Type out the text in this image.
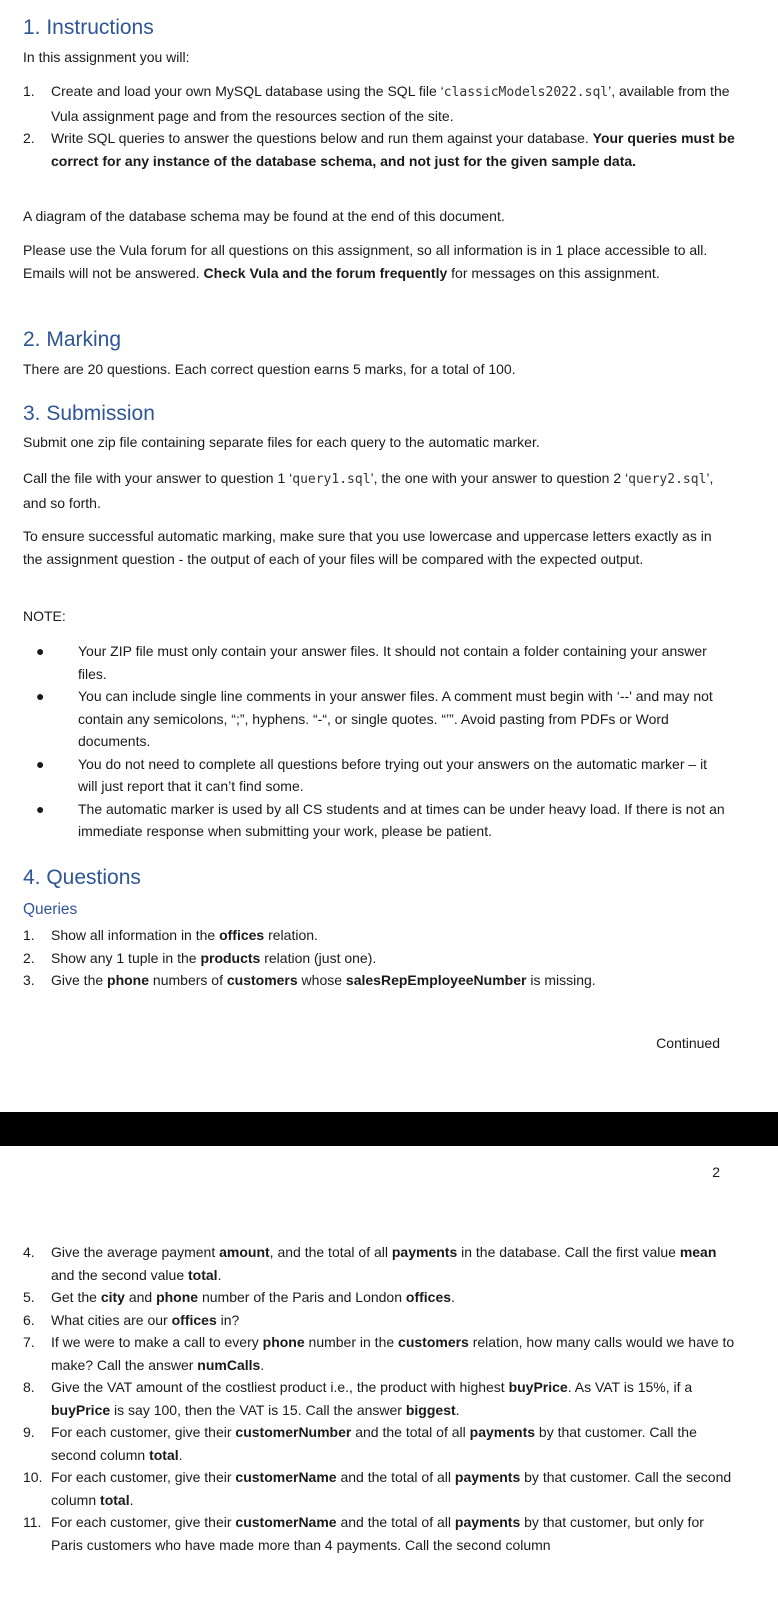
1. Instructions

In this assignment you will:

1. Create and load your own MySQL database using the SQL file ‘classicModels2022.sql’, available from the Vula assignment page and from the resources section of the site.
2. Write SQL queries to answer the questions below and run them against your database. Your queries must be correct for any instance of the database schema, and not just for the given sample data.

A diagram of the database schema may be found at the end of this document.

Please use the Vula forum for all questions on this assignment, so all information is in 1 place accessible to all. Emails will not be answered. Check Vula and the forum frequently for messages on this assignment.

2. Marking

There are 20 questions. Each correct question earns 5 marks, for a total of 100.

3. Submission

Submit one zip file containing separate files for each query to the automatic marker.

Call the file with your answer to question 1 ‘query1.sql’, the one with your answer to question 2 ‘query2.sql’, and so forth.

To ensure successful automatic marking, make sure that you use lowercase and uppercase letters exactly as in the assignment question - the output of each of your files will be compared with the expected output.

NOTE:

● Your ZIP file must only contain your answer files. It should not contain a folder containing your answer files.
● You can include single line comments in your answer files. A comment must begin with ‘--' and may not contain any semicolons, “;”, hyphens. “-“, or single quotes. “’”. Avoid pasting from PDFs or Word documents.
● You do not need to complete all questions before trying out your answers on the automatic marker – it will just report that it can’t find some.
● The automatic marker is used by all CS students and at times can be under heavy load. If there is not an immediate response when submitting your work, please be patient.
4. Questions
Queries
1. Show all information in the offices relation.
2. Show any 1 tuple in the products relation (just one).
3. Give the phone numbers of customers whose salesRepEmployeeNumber is missing.
Continued
2
4. Give the average payment amount, and the total of all payments in the database. Call the first value mean and the second value total.
5. Get the city and phone number of the Paris and London offices.
6. What cities are our offices in?
7. If we were to make a call to every phone number in the customers relation, how many calls would we have to make? Call the answer numCalls.
8. Give the VAT amount of the costliest product i.e., the product with highest buyPrice. As VAT is 15%, if a buyPrice is say 100, then the VAT is 15. Call the answer biggest.
9. For each customer, give their customerNumber and the total of all payments by that customer. Call the second column total.
10. For each customer, give their customerName and the total of all payments by that customer. Call the second column total.
11. For each customer, give their customerName and the total of all payments by that customer, but only for Paris customers who have made more than 4 payments. Call the second column
